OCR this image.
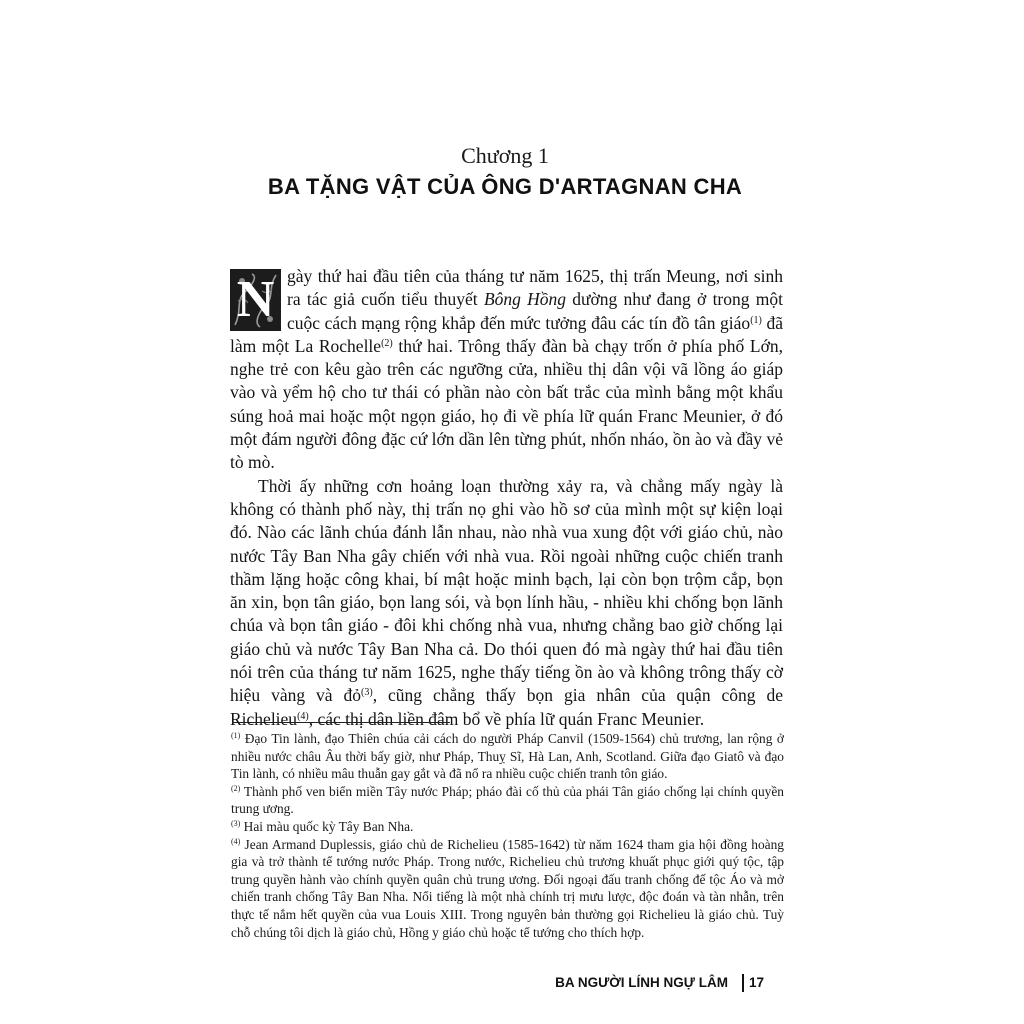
Chương 1
BA TẶNG VẬT CỦA ÔNG D'ARTAGNAN CHA

N gày thứ hai đầu tiên của tháng tư năm 1625, thị trấn Meung, nơi sinh ra tác giả cuốn tiểu thuyết Bông Hồng dường như đang ở trong một cuộc cách mạng rộng khắp đến mức tưởng đâu các tín đồ tân giáo$^{(1)}$ đã làm một La Rochelle$^{(2)}$ thứ hai. Trông thấy đàn bà chạy trốn ở phía phố Lớn, nghe trẻ con kêu gào trên các ngưỡng cửa, nhiều thị dân vội vã lồng áo giáp vào và yểm hộ cho tư thái có phần nào còn bất trắc của mình bằng một khẩu súng hoả mai hoặc một ngọn giáo, họ đi về phía lữ quán Franc Meunier, ở đó một đám người đông đặc cứ lớn dần lên từng phút, nhốn nháo, ồn ào và đầy vẻ tò mò.

Thời ấy những cơn hoảng loạn thường xảy ra, và chẳng mấy ngày là không có thành phố này, thị trấn nọ ghi vào hồ sơ của mình một sự kiện loại đó. Nào các lãnh chúa đánh lẫn nhau, nào nhà vua xung đột với giáo chủ, nào nước Tây Ban Nha gây chiến với nhà vua. Rồi ngoài những cuộc chiến tranh thầm lặng hoặc công khai, bí mật hoặc minh bạch, lại còn bọn trộm cắp, bọn ăn xin, bọn tân giáo, bọn lang sói, và bọn lính hầu, - nhiều khi chống bọn lãnh chúa và bọn tân giáo - đôi khi chống nhà vua, nhưng chẳng bao giờ chống lại giáo chủ và nước Tây Ban Nha cả. Do thói quen đó mà ngày thứ hai đầu tiên nói trên của tháng tư năm 1625, nghe thấy tiếng ồn ào và không trông thấy cờ hiệu vàng và đỏ$^{(3)}$, cũng chẳng thấy bọn gia nhân của quận công de Richelieu$^{(4)}$, các thị dân liền đâm bổ về phía lữ quán Franc Meunier.

$^{(1)}$ Đạo Tin lành, đạo Thiên chúa cải cách do người Pháp Canvil (1509-1564) chủ trương, lan rộng ở nhiều nước châu Âu thời bấy giờ, như Pháp, Thuỵ Sĩ, Hà Lan, Anh, Scotland. Giữa đạo Giatô và đạo Tin lành, có nhiều mâu thuẫn gay gắt và đã nổ ra nhiều cuộc chiến tranh tôn giáo.

$^{(2)}$ Thành phố ven biển miền Tây nước Pháp; pháo đài cố thủ của phái Tân giáo chống lại chính quyền trung ương.

$^{(3)}$ Hai màu quốc kỳ Tây Ban Nha.

$^{(4)}$ Jean Armand Duplessis, giáo chủ de Richelieu (1585-1642) từ năm 1624 tham gia hội đồng hoàng gia và trở thành tể tướng nước Pháp. Trong nước, Richelieu chủ trương khuất phục giới quý tộc, tập trung quyền hành vào chính quyền quân chủ trung ương. Đối ngoại đấu tranh chống đế tộc Áo và mở chiến tranh chống Tây Ban Nha. Nổi tiếng là một nhà chính trị mưu lược, độc đoán và tàn nhẫn, trên thực tế nắm hết quyền của vua Louis XIII. Trong nguyên bản thường gọi Richelieu là giáo chủ. Tuỳ chỗ chúng tôi dịch là giáo chủ, Hồng y giáo chủ hoặc tể tướng cho thích hợp.

BA NGƯỜI LÍNH NGỰ LÂM 17
